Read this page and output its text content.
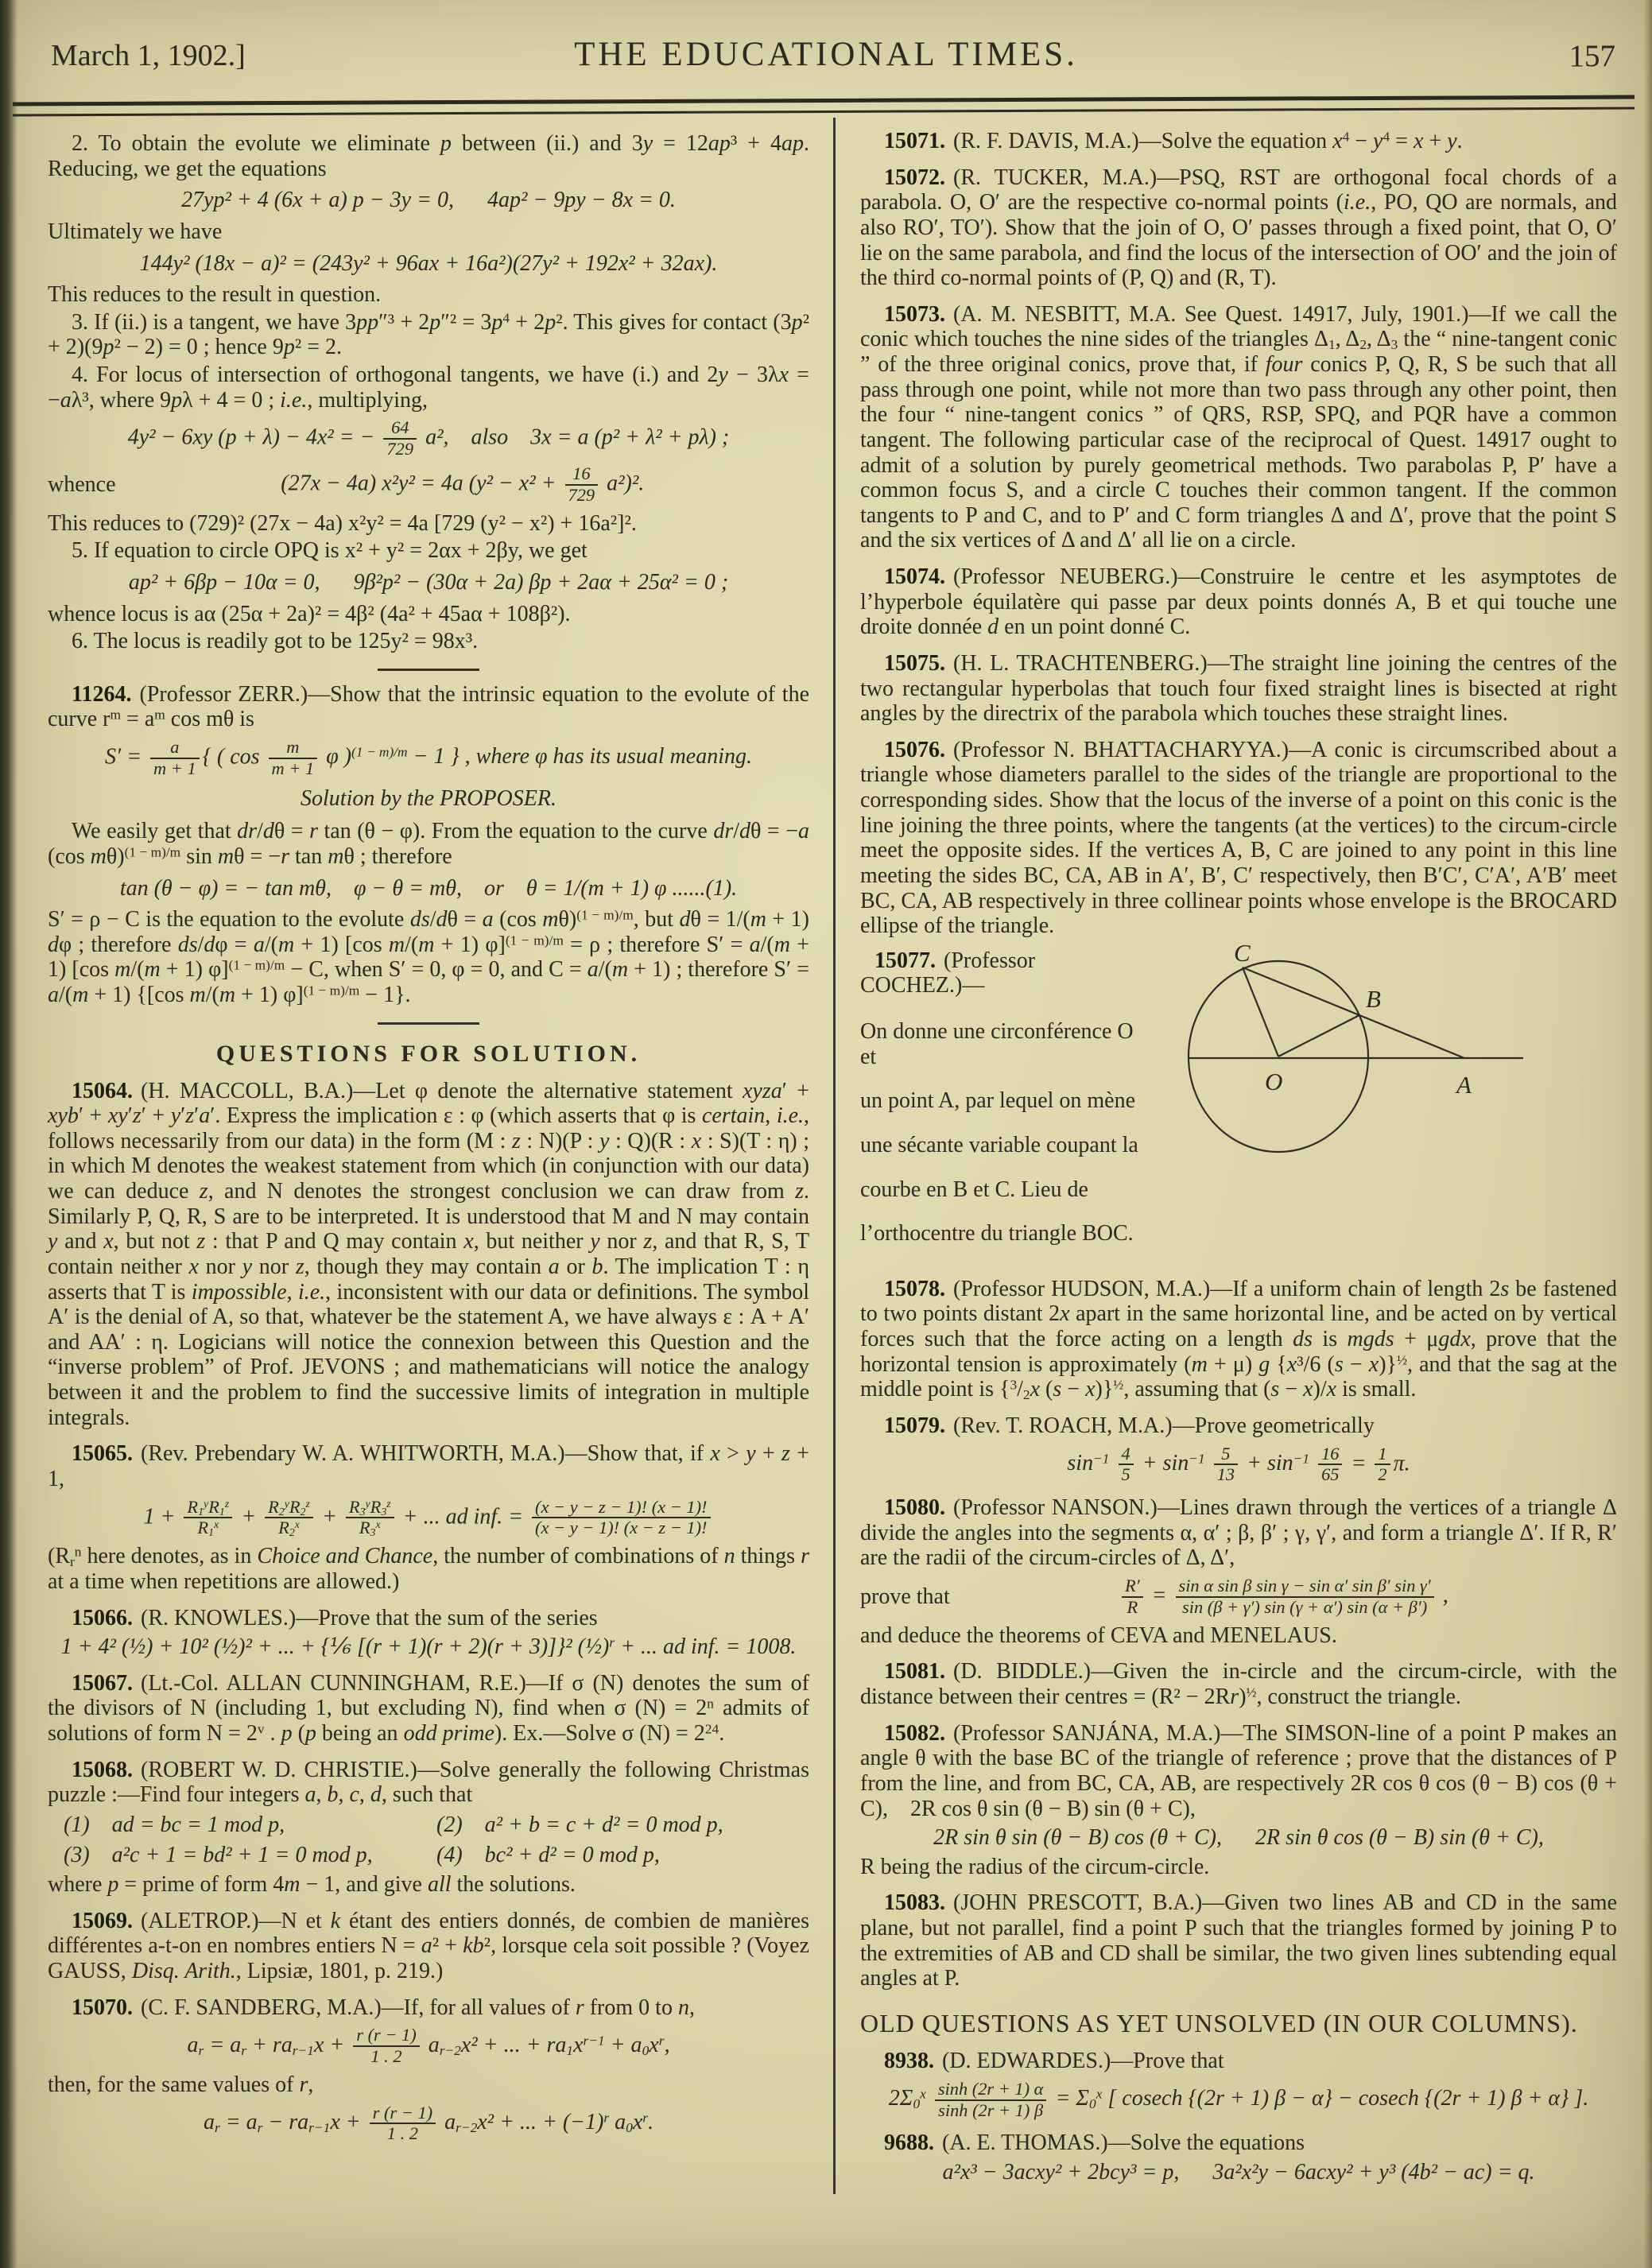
March 1, 1902.]	THE EDUCATIONAL TIMES.	157

2. To obtain the evolute we eliminate p between (ii.) and 3y = 12ap³ + 4ap. Reducing, we get the equations

27yp² + 4 (6x + a) p − 3y = 0,   4ap² − 9py − 8x = 0.

Ultimately we have

144y² (18x − a)² = (243y² + 96ax + 16a²)(27y² + 192x² + 32ax).

This reduces to the result in question.

3. If (ii.) is a tangent, we have $3pp''^3 + 2p''^2 = 3p^4 + 2p^2$. This gives for contact (3p² + 2)(9p² − 2) = 0 ; hence 9p² = 2.

4. For locus of intersection of orthogonal tangents, we have (i.) and 2y − 3λx = −aλ³, where 9pλ + 4 = 0 ; i.e., multiplying,

4y² − 6xy (p + λ) − 4x² = − $\frac{64}{729} a^2$,   also   3x = a (p² + λ² + pλ) ;
whence	(27x − 4a) x²y² = 4a $(y^2 - x^2 + \frac{16}{729} a^2)^2$.

This reduces to (729)² (27x − 4a) x²y² = 4a [729 (y² − x²) + 16a²]².

5. If equation to circle OPQ is x² + y² = 2αx + 2βy, we get

ap² + 6βp − 10α = 0,   9β²p² − (30α + 2a) βp + 2aα + 25α² = 0 ;

whence locus is aα (25α + 2a)² = 4β² (4a² + 45aα + 108β²).

6. The locus is readily got to be 125y² = 98x³.

11264. (Professor ZERR.)—Show that the intrinsic equation to the evolute of the curve $r^m = a^m$ cos mθ is

$S' = \frac{a}{m + 1}$ { ( $\cos \frac{m}{m + 1}$ φ )$^{(1 - m)/m}$ − 1 } , where φ has its usual meaning.

Solution by the PROPOSER.

We easily get that dr/dθ = r tan (θ − φ). From the equation to the curve dr/dθ = −a (cos mθ)$^{(1 - m)/m}$ sin mθ = −r tan mθ ; therefore

tan (θ − φ) = − tan mθ,   φ − θ = mθ,   or   θ = 1/(m + 1) φ ......(1).

S′ = ρ − C is the equation to the evolute ds/dθ = a (cos mθ)$^{(1 - m)/m}$, but dθ = 1/(m + 1) dφ ; therefore ds/dφ = a/(m + 1) [cos m/(m + 1) φ]$^{(1 - m)/m}$ = ρ ; therefore S′ = a/(m + 1) [cos m/(m + 1) φ]$^{(1 - m)/m}$ − C, when S′ = 0, φ = 0, and C = a/(m + 1) ; therefore S′ = a/(m + 1) {[cos m/(m + 1) φ]$^{(1 - m)/m}$ − 1}.

QUESTIONS FOR SOLUTION.

15064. (H. MACCOLL, B.A.)—Let φ denote the alternative statement xyza′ + xyb′ + xy′z′ + y′z′a′. Express the implication ε : φ (which asserts that φ is certain, i.e., follows necessarily from our data) in the form (M : z : N)(P : y : Q)(R : x : S)(T : η) ; in which M denotes the weakest statement from which (in conjunction with our data) we can deduce z, and N denotes the strongest conclusion we can draw from z. Similarly P, Q, R, S are to be interpreted. It is understood that M and N may contain y and x, but not z : that P and Q may contain x, but neither y nor z, and that R, S, T contain neither x nor y nor z, though they may contain a or b. The implication T : η asserts that T is impossible, i.e., inconsistent with our data or definitions. The symbol A′ is the denial of A, so that, whatever be the statement A, we have always ε : A + A′ and AA′ : η. Logicians will notice the connexion between this Question and the “inverse problem” of Prof. JEVONS ; and mathematicians will notice the analogy between it and the problem to find the successive limits of integration in multiple integrals.

15065. (Rev. Prebendary W. A. WHITWORTH, M.A.)—Show that, if x > y + z + 1,

$1 + \frac{R_1^yR_1^z}{R_1^x} + \frac{R_2^yR_2^z}{R_2^x} + \frac{R_3^yR_3^z}{R_3^x}$ + ... ad inf. = $\frac{(x - y - z - 1)! (x - 1)!}{(x - y - 1)! (x - z - 1)!}$

($R_r^n$ here denotes, as in Choice and Chance, the number of combinations of n things r at a time when repetitions are allowed.)

15066. (R. KNOWLES.)—Prove that the sum of the series

1 + 4² (½) + 10² (½)² + ... + {⅙ [(r + 1)(r + 2)(r + 3)]}² (½)$^r$ + ... ad inf. = 1008.

15067. (Lt.-Col. ALLAN CUNNINGHAM, R.E.)—If σ (N) denotes the sum of the divisors of N (including 1, but excluding N), find when σ $(N) = 2^n$ admits of solutions of form $N = 2^v$ . p (p being an odd prime). Ex.—Solve σ $(N) = 2^{24}$.

15068. (ROBERT W. D. CHRISTIE.)—Solve generally the following Christmas puzzle :—Find four integers a, b, c, d, such that

(1)   ad = bc = 1 mod p,	(2)   a² + b = c + d² = 0 mod p,
(3)   a²c + 1 = bd² + 1 = 0 mod p,	(4)   bc² + d² = 0 mod p,

where p = prime of form 4m − 1, and give all the solutions.

15069. (ALETROP.)—N et k étant des entiers donnés, de combien de manières différentes a-t-on en nombres entiers N = a² + kb², lorsque cela soit possible ? (Voyez GAUSS, Disq. Arith., Lipsiæ, 1801, p. 219.)

15070. (C. F. SANDBERG, M.A.)—If, for all values of r from 0 to n,

$a_r = a_r + ra_{r-1}x + \frac{r (r - 1)}{1 . 2} a_{r-2}x^2$ + ... + $ra_1x^{r-1} + a_0x^r$,

then, for the same values of r,

$a_r = a_r - ra_{r-1}x + \frac{r (r - 1)}{1 . 2} a_{r-2}x^2$ + ... + $(-1)^r$ $a_0x^r$.

15071. (R. F. DAVIS, M.A.)—Solve the equation $x^4 - y^4 = x + y$.

15072. (R. TUCKER, M.A.)—PSQ, RST are orthogonal focal chords of a parabola. O, O′ are the respective co-normal points (i.e., PO, QO are normals, and also RO′, TO′). Show that the join of O, O′ passes through a fixed point, that O, O′ lie on the same parabola, and find the locus of the intersection of OO′ and the join of the third co-normal points of (P, Q) and (R, T).

15073. (A. M. NESBITT, M.A. See Quest. 14917, July, 1901.)—If we call the conic which touches the nine sides of the triangles $\Delta_1$, $\Delta_2$, $\Delta_3$ the “ nine-tangent conic ” of the three original conics, prove that, if four conics P, Q, R, S be such that all pass through one point, while not more than two pass through any other point, then the four “ nine-tangent conics ” of QRS, RSP, SPQ, and PQR have a common tangent. The following particular case of the reciprocal of Quest. 14917 ought to admit of a solution by purely geometrical methods. Two parabolas P, P′ have a common focus S, and a circle C touches their common tangent. If the common tangents to P and C, and to P′ and C form triangles Δ and Δ′, prove that the point S and the six vertices of Δ and Δ′ all lie on a circle.

15074. (Professor NEUBERG.)—Construire le centre et les asymptotes de l’hyperbole équilatère qui passe par deux points donnés A, B et qui touche une droite donnée d en un point donné C.

15075. (H. L. TRACHTENBERG.)—The straight line joining the centres of the two rectangular hyperbolas that touch four fixed straight lines is bisected at right angles by the directrix of the parabola which touches these straight lines.

15076. (Professor N. BHATTACHARYYA.)—A conic is circumscribed about a triangle whose diameters parallel to the sides of the triangle are proportional to the corresponding sides. Show that the locus of the inverse of a point on this conic is the line joining the three points, where the tangents (at the vertices) to the circum-circle meet the opposite sides. If the vertices A, B, C are joined to any point in this line meeting the sides BC, CA, AB in A′, B′, C′ respectively, then B′C′, C′A′, A′B′ meet BC, CA, AB respectively in three collinear points whose envelope is the BROCARD ellipse of the triangle.

15077. (Professor COCHEZ.)—

On donne une circonférence O et

un point A, par lequel on mène

une sécante variable coupant la

courbe en B et C. Lieu de

l’orthocentre du triangle BOC.

C
B
O	A

15078. (Professor HUDSON, M.A.)—If a uniform chain of length 2s be fastened to two points distant 2x apart in the same horizontal line, and be acted on by vertical forces such that the force acting on a length ds is mgds + μgdx, prove that the horizontal tension is approximately (m + μ) g {x³/6 (s − x)}$^{\frac{1}{2}}$, and that the sag at the middle point is {$^3/_2x$ (s − x)}$^{\frac{1}{2}}$, assuming that (s − x)/x is small.

15079. (Rev. T. ROACH, M.A.)—Prove geometrically

$\sin^{-1} \frac{4}{5} + \sin^{-1} \frac{5}{13} + \sin^{-1} \frac{16}{65} = \frac{1}{2} \pi$.

15080. (Professor NANSON.)—Lines drawn through the vertices of a triangle Δ divide the angles into the segments α, α′ ; β, β′ ; γ, γ′, and form a triangle Δ′. If R, R′ are the radii of the circum-circles of Δ, Δ′,

prove that	$\frac{R'}{R} = \frac{\text{sin α sin β sin γ − sin α′ sin β′ sin γ′}}{\sin (\beta + \gamma') \sin (\gamma + \alpha') \sin (\alpha + \beta')}$ ,

and deduce the theorems of CEVA and MENELAUS.

15081. (D. BIDDLE.)—Given the in-circle and the circum-circle, with the distance between their centres = $(R^2 - 2Rr)^{\frac{1}{2}}$, construct the triangle.

15082. (Professor SANJÁNA, M.A.)—The SIMSON-line of a point P makes an angle θ with the base BC of the triangle of reference ; prove that the distances of P from the line, and from BC, CA, AB, are respectively 2R cos θ cos (θ − B) cos (θ + C),   2R cos θ sin (θ − B) sin (θ + C),

2R sin θ sin (θ − B) cos (θ + C),   2R sin θ cos (θ − B) sin (θ + C),

R being the radius of the circum-circle.

15083. (JOHN PRESCOTT, B.A.)—Given two lines AB and CD in the same plane, but not parallel, find a point P such that the triangles formed by joining P to the extremities of AB and CD shall be similar, the two given lines subtending equal angles at P.

OLD QUESTIONS AS YET UNSOLVED (IN OUR COLUMNS).

8938. (D. EDWARDES.)—Prove that

$2\Sigma_0^x \frac{\sinh (2r + 1) \alpha}{\sinh (2r + 1) \beta} = \Sigma_0^x$ [ cosech {(2r + 1) β − α} − cosech {(2r + 1) β + α} ].

9688. (A. E. THOMAS.)—Solve the equations

a²x³ − 3acxy² + 2bcy³ = p,   3a²x²y − 6acxy² + y³ (4b² − ac) = q.
